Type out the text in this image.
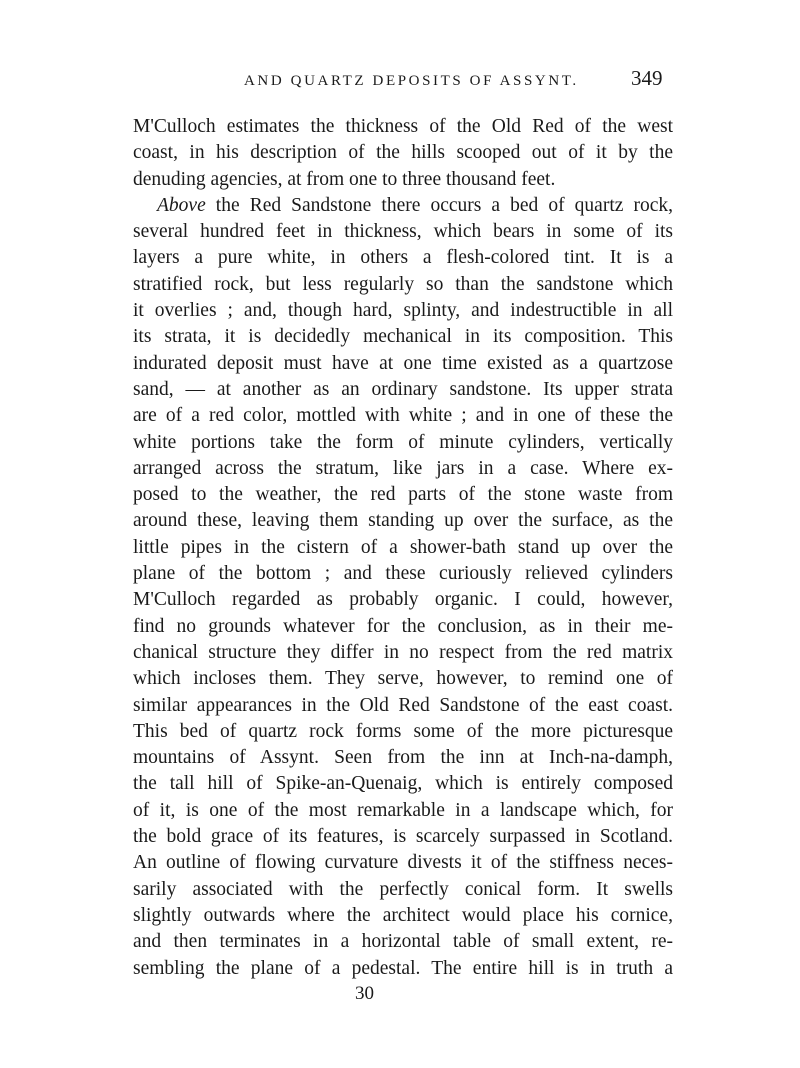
AND QUARTZ DEPOSITS OF ASSYNT. 349
M'Culloch estimates the thickness of the Old Red of the west
coast, in his description of the hills scooped out of it by the
denuding agencies, at from one to three thousand feet.
Above the Red Sandstone there occurs a bed of quartz rock,
several hundred feet in thickness, which bears in some of its
layers a pure white, in others a flesh-colored tint. It is a
stratified rock, but less regularly so than the sandstone which
it overlies ; and, though hard, splinty, and indestructible in all
its strata, it is decidedly mechanical in its composition. This
indurated deposit must have at one time existed as a quartzose
sand, — at another as an ordinary sandstone. Its upper strata
are of a red color, mottled with white ; and in one of these the
white portions take the form of minute cylinders, vertically
arranged across the stratum, like jars in a case. Where ex-
posed to the weather, the red parts of the stone waste from
around these, leaving them standing up over the surface, as the
little pipes in the cistern of a shower-bath stand up over the
plane of the bottom ; and these curiously relieved cylinders
M'Culloch regarded as probably organic. I could, however,
find no grounds whatever for the conclusion, as in their me-
chanical structure they differ in no respect from the red matrix
which incloses them. They serve, however, to remind one of
similar appearances in the Old Red Sandstone of the east coast.
This bed of quartz rock forms some of the more picturesque
mountains of Assynt. Seen from the inn at Inch-na-damph,
the tall hill of Spike-an-Quenaig, which is entirely composed
of it, is one of the most remarkable in a landscape which, for
the bold grace of its features, is scarcely surpassed in Scotland.
An outline of flowing curvature divests it of the stiffness neces-
sarily associated with the perfectly conical form. It swells
slightly outwards where the architect would place his cornice,
and then terminates in a horizontal table of small extent, re-
sembling the plane of a pedestal. The entire hill is in truth a
30
